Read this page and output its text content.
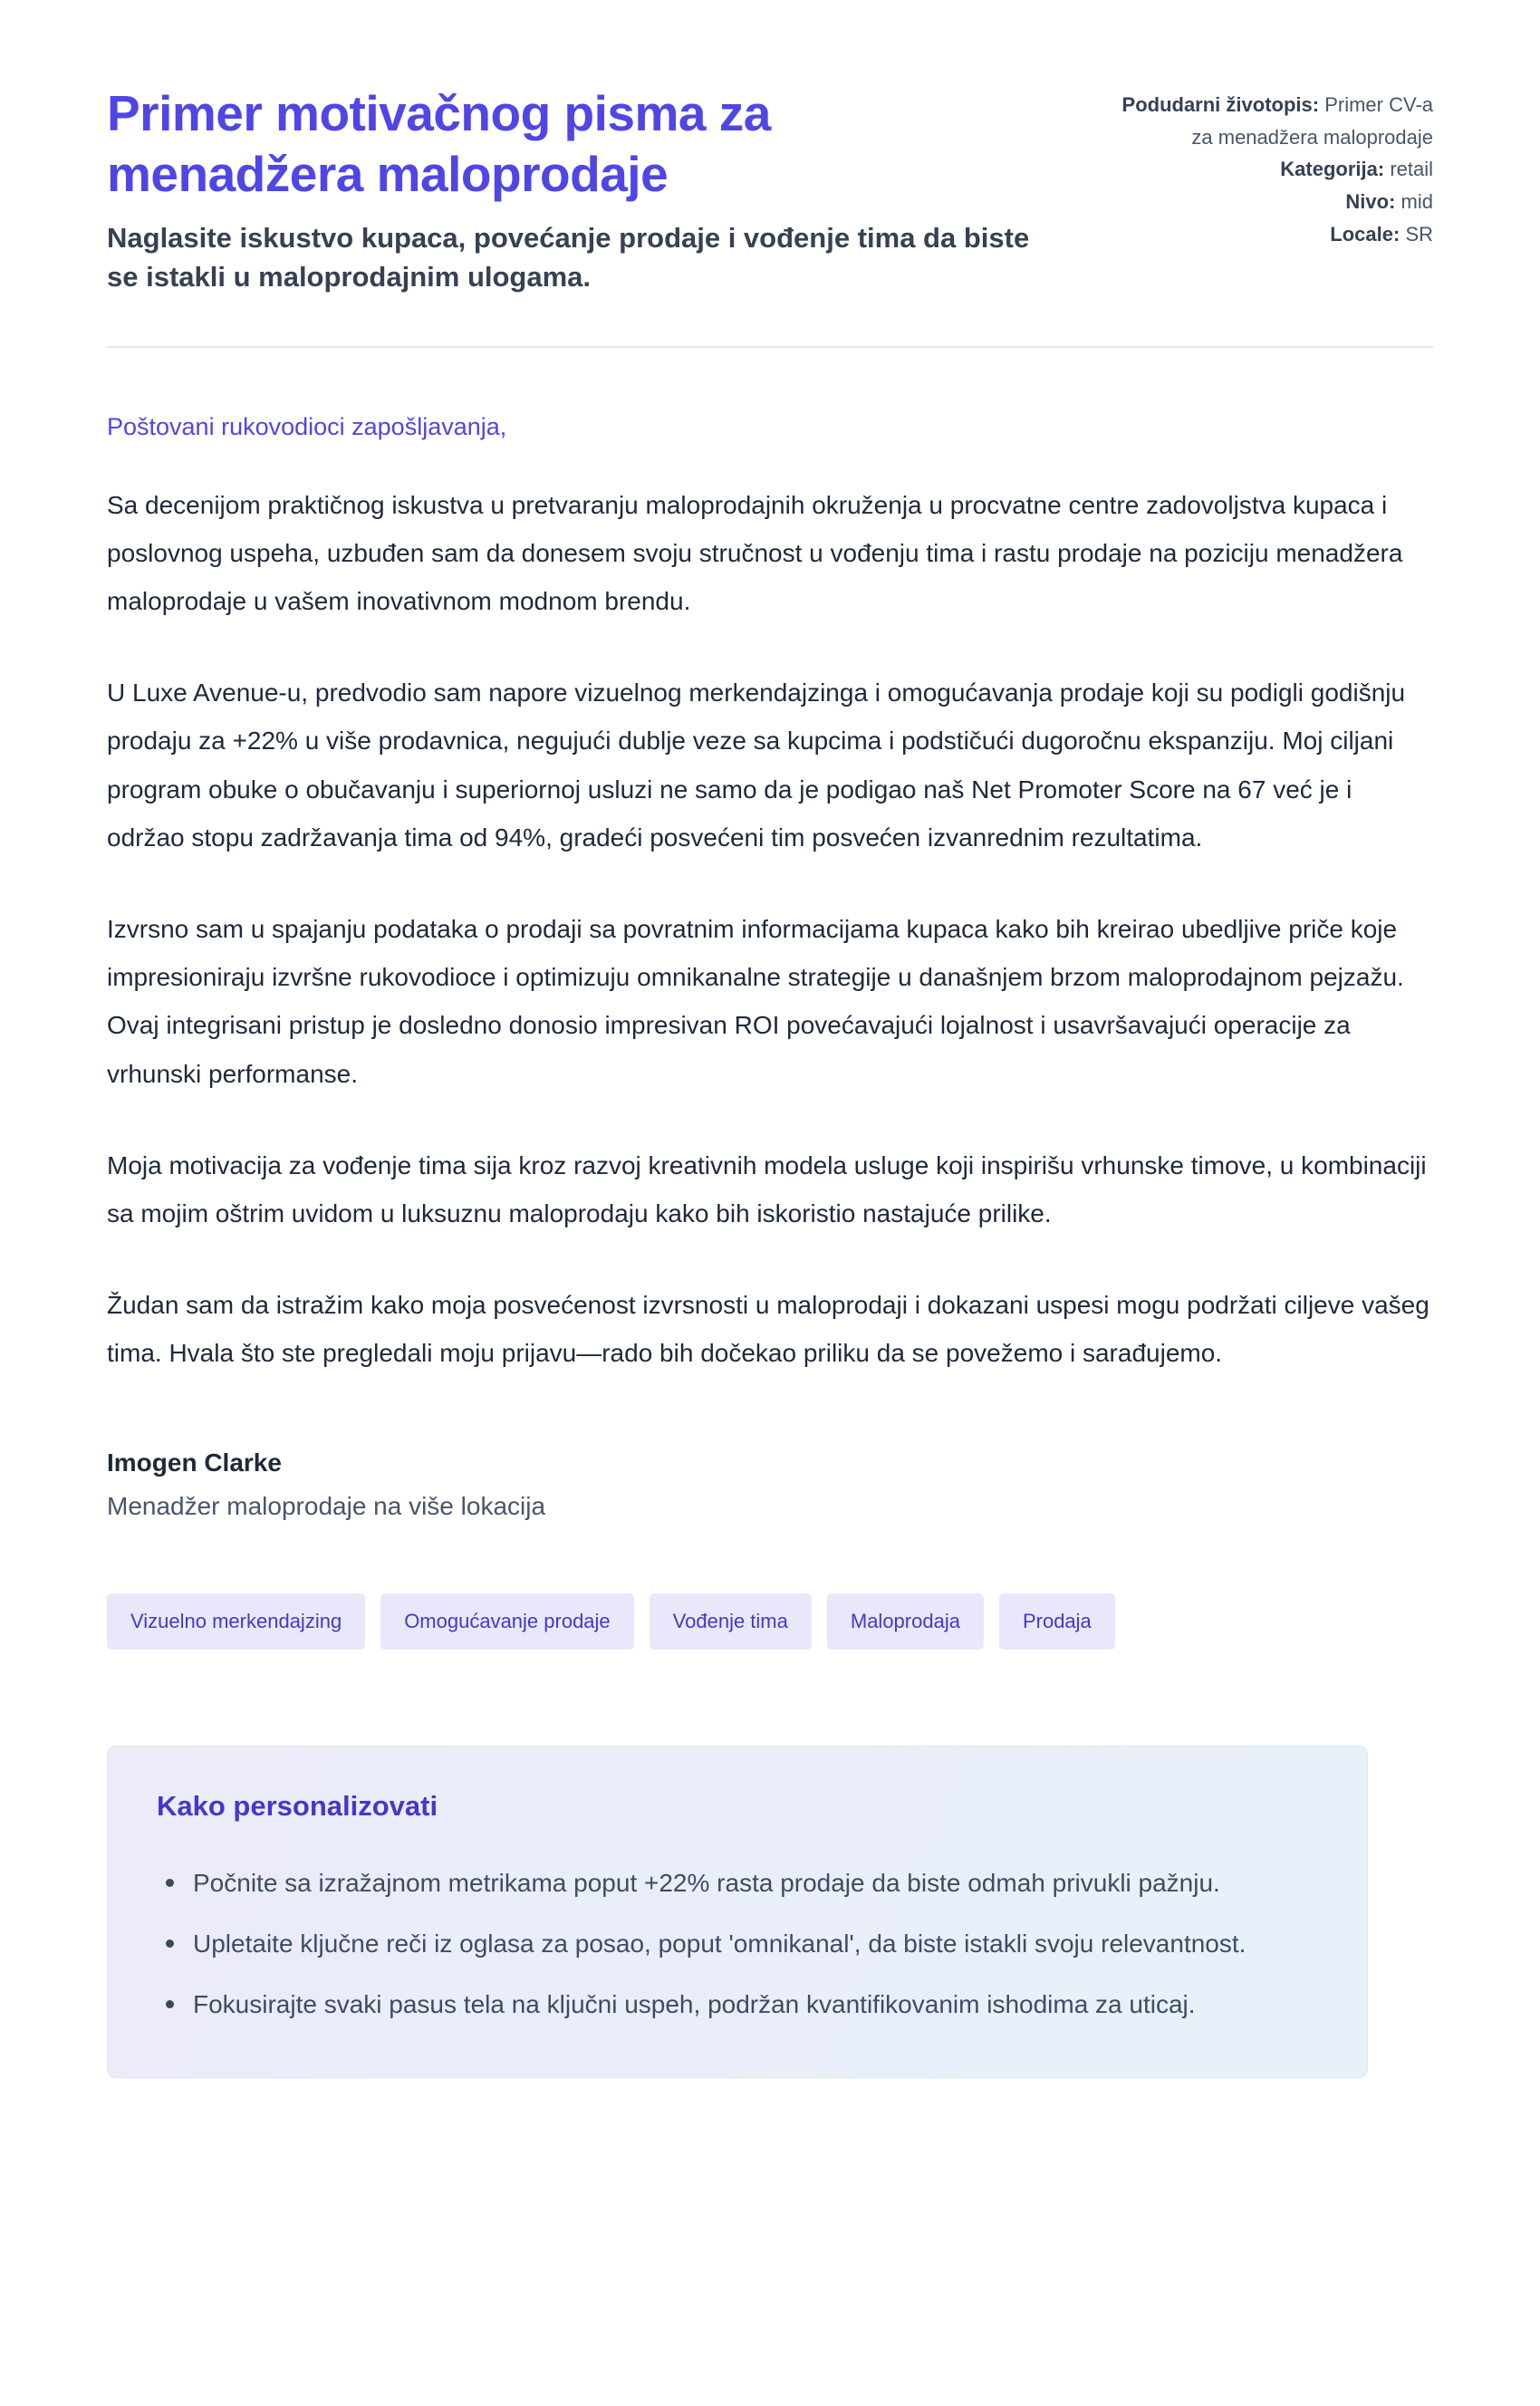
Primer motivačnog pisma za menadžera maloprodaje

Naglasite iskustvo kupaca, povećanje prodaje i vođenje tima da biste se istakli u maloprodajnim ulogama.

Podudarni životopis: Primer CV-a za menadžera maloprodaje

Kategorija: retail

Nivo: mid

Locale: SR

Poštovani rukovodioci zapošljavanja,

Sa decenijom praktičnog iskustva u pretvaranju maloprodajnih okruženja u procvatne centre zadovoljstva kupaca i poslovnog uspeha, uzbuđen sam da donesem svoju stručnost u vođenju tima i rastu prodaje na poziciju menadžera maloprodaje u vašem inovativnom modnom brendu.

U Luxe Avenue-u, predvodio sam napore vizuelnog merkendajzinga i omogućavanja prodaje koji su podigli godišnju prodaju za +22% u više prodavnica, negujući dublje veze sa kupcima i podstičući dugoročnu ekspanziju. Moj ciljani program obuke o obučavanju i superiornoj usluzi ne samo da je podigao naš Net Promoter Score na 67 već je i održao stopu zadržavanja tima od 94%, gradeći posvećeni tim posvećen izvanrednim rezultatima.

Izvrsno sam u spajanju podataka o prodaji sa povratnim informacijama kupaca kako bih kreirao ubedljive priče koje impresioniraju izvršne rukovodioce i optimizuju omnikanalne strategije u današnjem brzom maloprodajnom pejzažu. Ovaj integrisani pristup je dosledno donosio impresivan ROI povećavajući lojalnost i usavršavajući operacije za vrhunski performanse.

Moja motivacija za vođenje tima sija kroz razvoj kreativnih modela usluge koji inspirišu vrhunske timove, u kombinaciji sa mojim oštrim uvidom u luksuznu maloprodaju kako bih iskoristio nastajuće prilike.

Žudan sam da istražim kako moja posvećenost izvrsnosti u maloprodaji i dokazani uspesi mogu podržati ciljeve vašeg tima. Hvala što ste pregledali moju prijavu—rado bih dočekao priliku da se povežemo i sarađujemo.

Imogen Clarke

Menadžer maloprodaje na više lokacija

Vizuelno merkendajzing	Omogućavanje prodaje	Vođenje tima	Maloprodaja	Prodaja
Kako personalizovati
Počnite sa izražajnom metrikama poput +22% rasta prodaje da biste odmah privukli pažnju.
Upletaite ključne reči iz oglasa za posao, poput 'omnikanal', da biste istakli svoju relevantnost.
Fokusirajte svaki pasus tela na ključni uspeh, podržan kvantifikovanim ishodima za uticaj.
